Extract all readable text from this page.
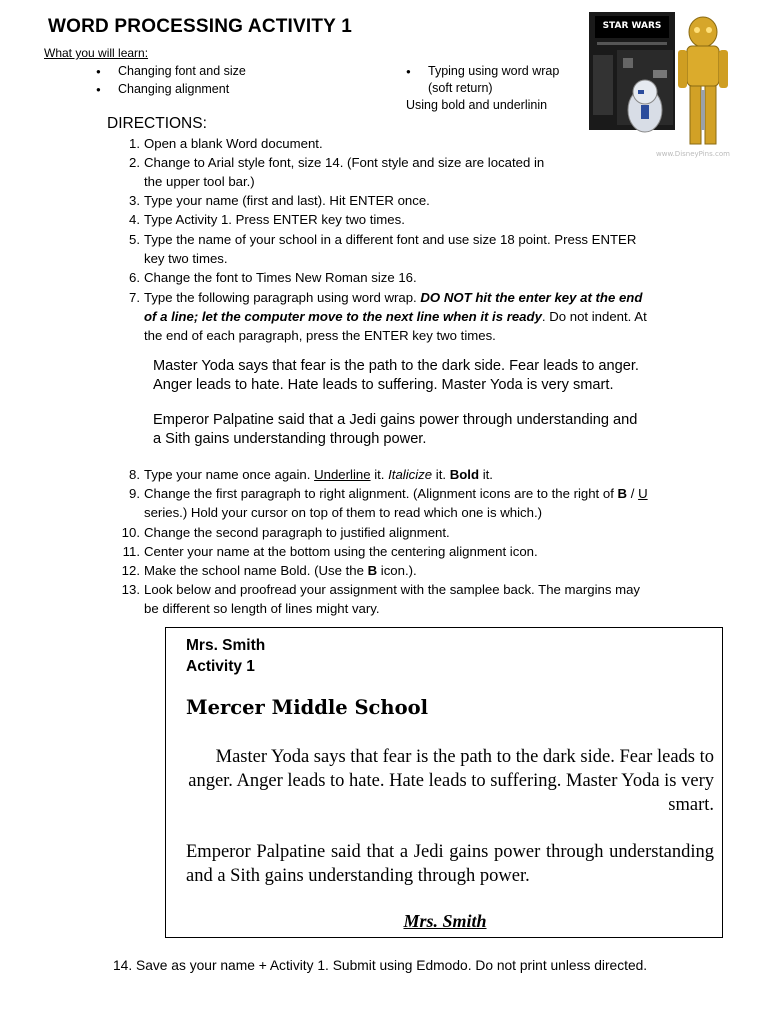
WORD PROCESSING ACTIVITY 1
What you will learn:
● Changing font and size
● Changing alignment
● Typing using word wrap
(soft return)
Using bold and underlinin
STAR WARS
www.DisneyPins.com
DIRECTIONS:
1. Open a blank Word document.
2. Change to Arial style font, size 14. (Font style and size are located in
the upper tool bar.)
3. Type your name (first and last). Hit ENTER once.
4. Type Activity 1. Press ENTER key two times.
5. Type the name of your school in a different font and use size 18 point. Press ENTER
key two times.
6. Change the font to Times New Roman size 16.
7. Type the following paragraph using word wrap. DO NOT hit the enter key at the end
of a line; let the computer move to the next line when it is ready. Do not indent. At
the end of each paragraph, press the ENTER key two times.
Master Yoda says that fear is the path to the dark side. Fear leads to anger.
Anger leads to hate. Hate leads to suffering. Master Yoda is very smart.
Emperor Palpatine said that a Jedi gains power through understanding and
a Sith gains understanding through power.
8. Type your name once again. Underline it. Italicize it. Bold it.
9. Change the first paragraph to right alignment. (Alignment icons are to the right of B / U
series.) Hold your cursor on top of them to read which one is which.)
10. Change the second paragraph to justified alignment.
11. Center your name at the bottom using the centering alignment icon.
12. Make the school name Bold. (Use the B icon.).
13. Look below and proofread your assignment with the samplee back. The margins may
be different so length of lines might vary.
Mrs. Smith
Activity 1
Mercer Middle School
Master Yoda says that fear is the path to the dark side. Fear leads to anger. Anger leads to hate. Hate leads to suffering. Master Yoda is very smart.
Emperor Palpatine said that a Jedi gains power through understanding and a Sith gains understanding through power.
Mrs. Smith
14. Save as your name + Activity 1. Submit using Edmodo. Do not print unless directed.
